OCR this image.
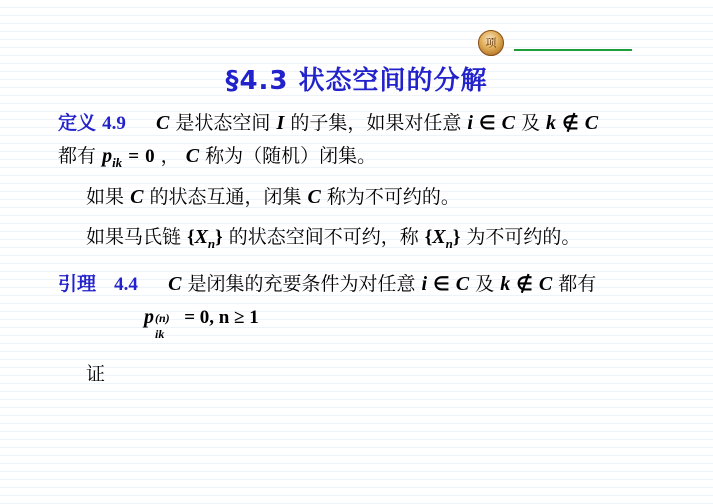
项
§4.3 状态空间的分解
定义 4.9 C 是状态空间 I 的子集，如果对任意 i ∈ C 及 k ∉ C
都有 $p_{ik} = 0$ ， C 称为（随机）闭集。
如果 C 的状态互通，闭集 C 称为不可约的。
如果马氏链 $\{X_n\}$ 的状态空间不可约，称 $\{X_n\}$ 为不可约的。
引理 4.4 C 是闭集的充要条件为对任意 i ∈ C 及 k ∉ C 都有
p (n)
ik
= 0, n ≥ 1
证
